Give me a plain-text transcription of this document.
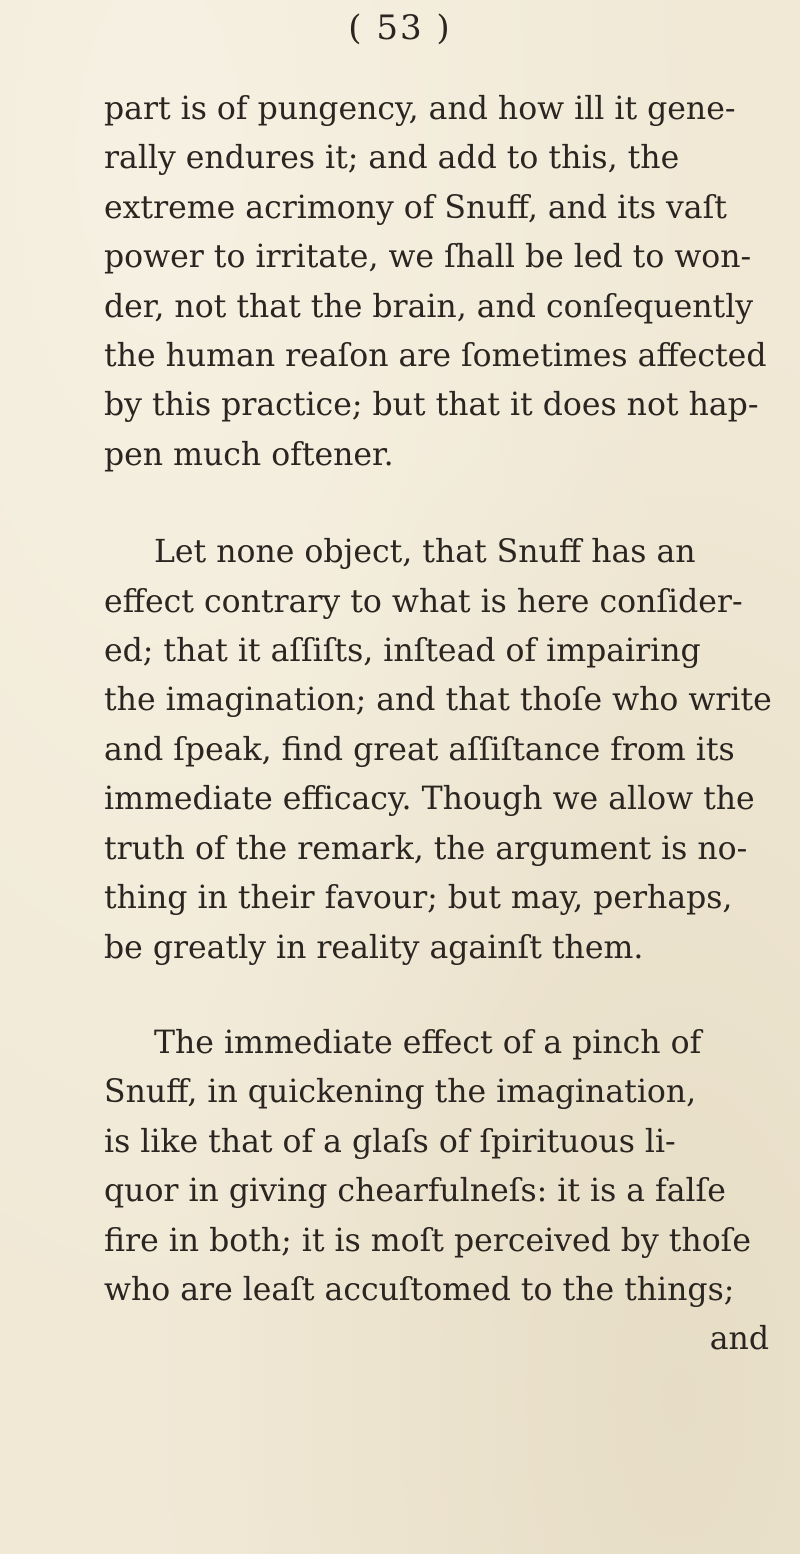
( 53 )
part is of pungency, and how ill it gene-
rally endures it; and add to this, the
extreme acrimony of Snuff, and its vaſt
power to irritate, we ſhall be led to won-
der, not that the brain, and conſequently
the human reaſon are ſometimes affected
by this practice; but that it does not hap-
pen much oftener.
Let none object, that Snuff has an
effect contrary to what is here conſider-
ed; that it aſſiſts, inſtead of impairing
the imagination; and that thoſe who write
and ſpeak, find great aſſiſtance from its
immediate efficacy. Though we allow the
truth of the remark, the argument is no-
thing in their favour; but may, perhaps,
be greatly in reality againſt them.
The immediate effect of a pinch of
Snuff, in quickening the imagination,
is like that of a glaſs of ſpirituous li-
quor in giving chearfulneſs: it is a falſe
fire in both; it is moſt perceived by thoſe
who are leaſt accuſtomed to the things;
and
